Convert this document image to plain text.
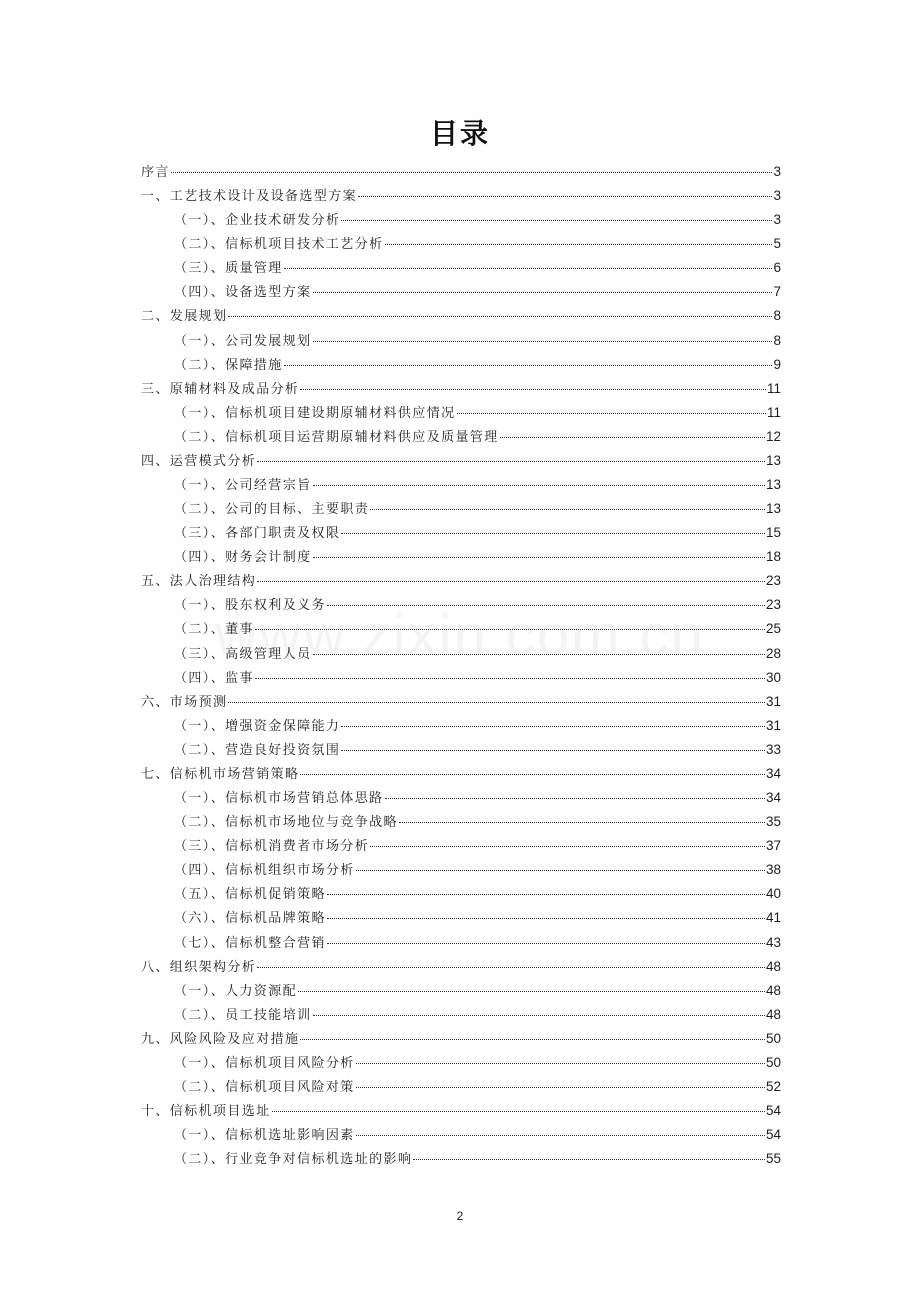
目录
序言	3
一、工艺技术设计及设备选型方案	3
（一）、企业技术研发分析	3
（二）、信标机项目技术工艺分析	5
（三）、质量管理	6
（四）、设备选型方案	7
二、发展规划	8
（一）、公司发展规划	8
（二）、保障措施	9
三、原辅材料及成品分析	11
（一）、信标机项目建设期原辅材料供应情况	11
（二）、信标机项目运营期原辅材料供应及质量管理	12
四、运营模式分析	13
（一）、公司经营宗旨	13
（二）、公司的目标、主要职责	13
（三）、各部门职责及权限	15
（四）、财务会计制度	18
五、法人治理结构	23
（一）、股东权利及义务	23
（二）、董事	25
（三）、高级管理人员	28
（四）、监事	30
六、市场预测	31
（一）、增强资金保障能力	31
（二）、营造良好投资氛围	33
七、信标机市场营销策略	34
（一）、信标机市场营销总体思路	34
（二）、信标机市场地位与竞争战略	35
（三）、信标机消费者市场分析	37
（四）、信标机组织市场分析	38
（五）、信标机促销策略	40
（六）、信标机品牌策略	41
（七）、信标机整合营销	43
八、组织架构分析	48
（一）、人力资源配	48
（二）、员工技能培训	48
九、风险风险及应对措施	50
（一）、信标机项目风险分析	50
（二）、信标机项目风险对策	52
十、信标机项目选址	54
（一）、信标机选址影响因素	54
（二）、行业竞争对信标机选址的影响	55
2
